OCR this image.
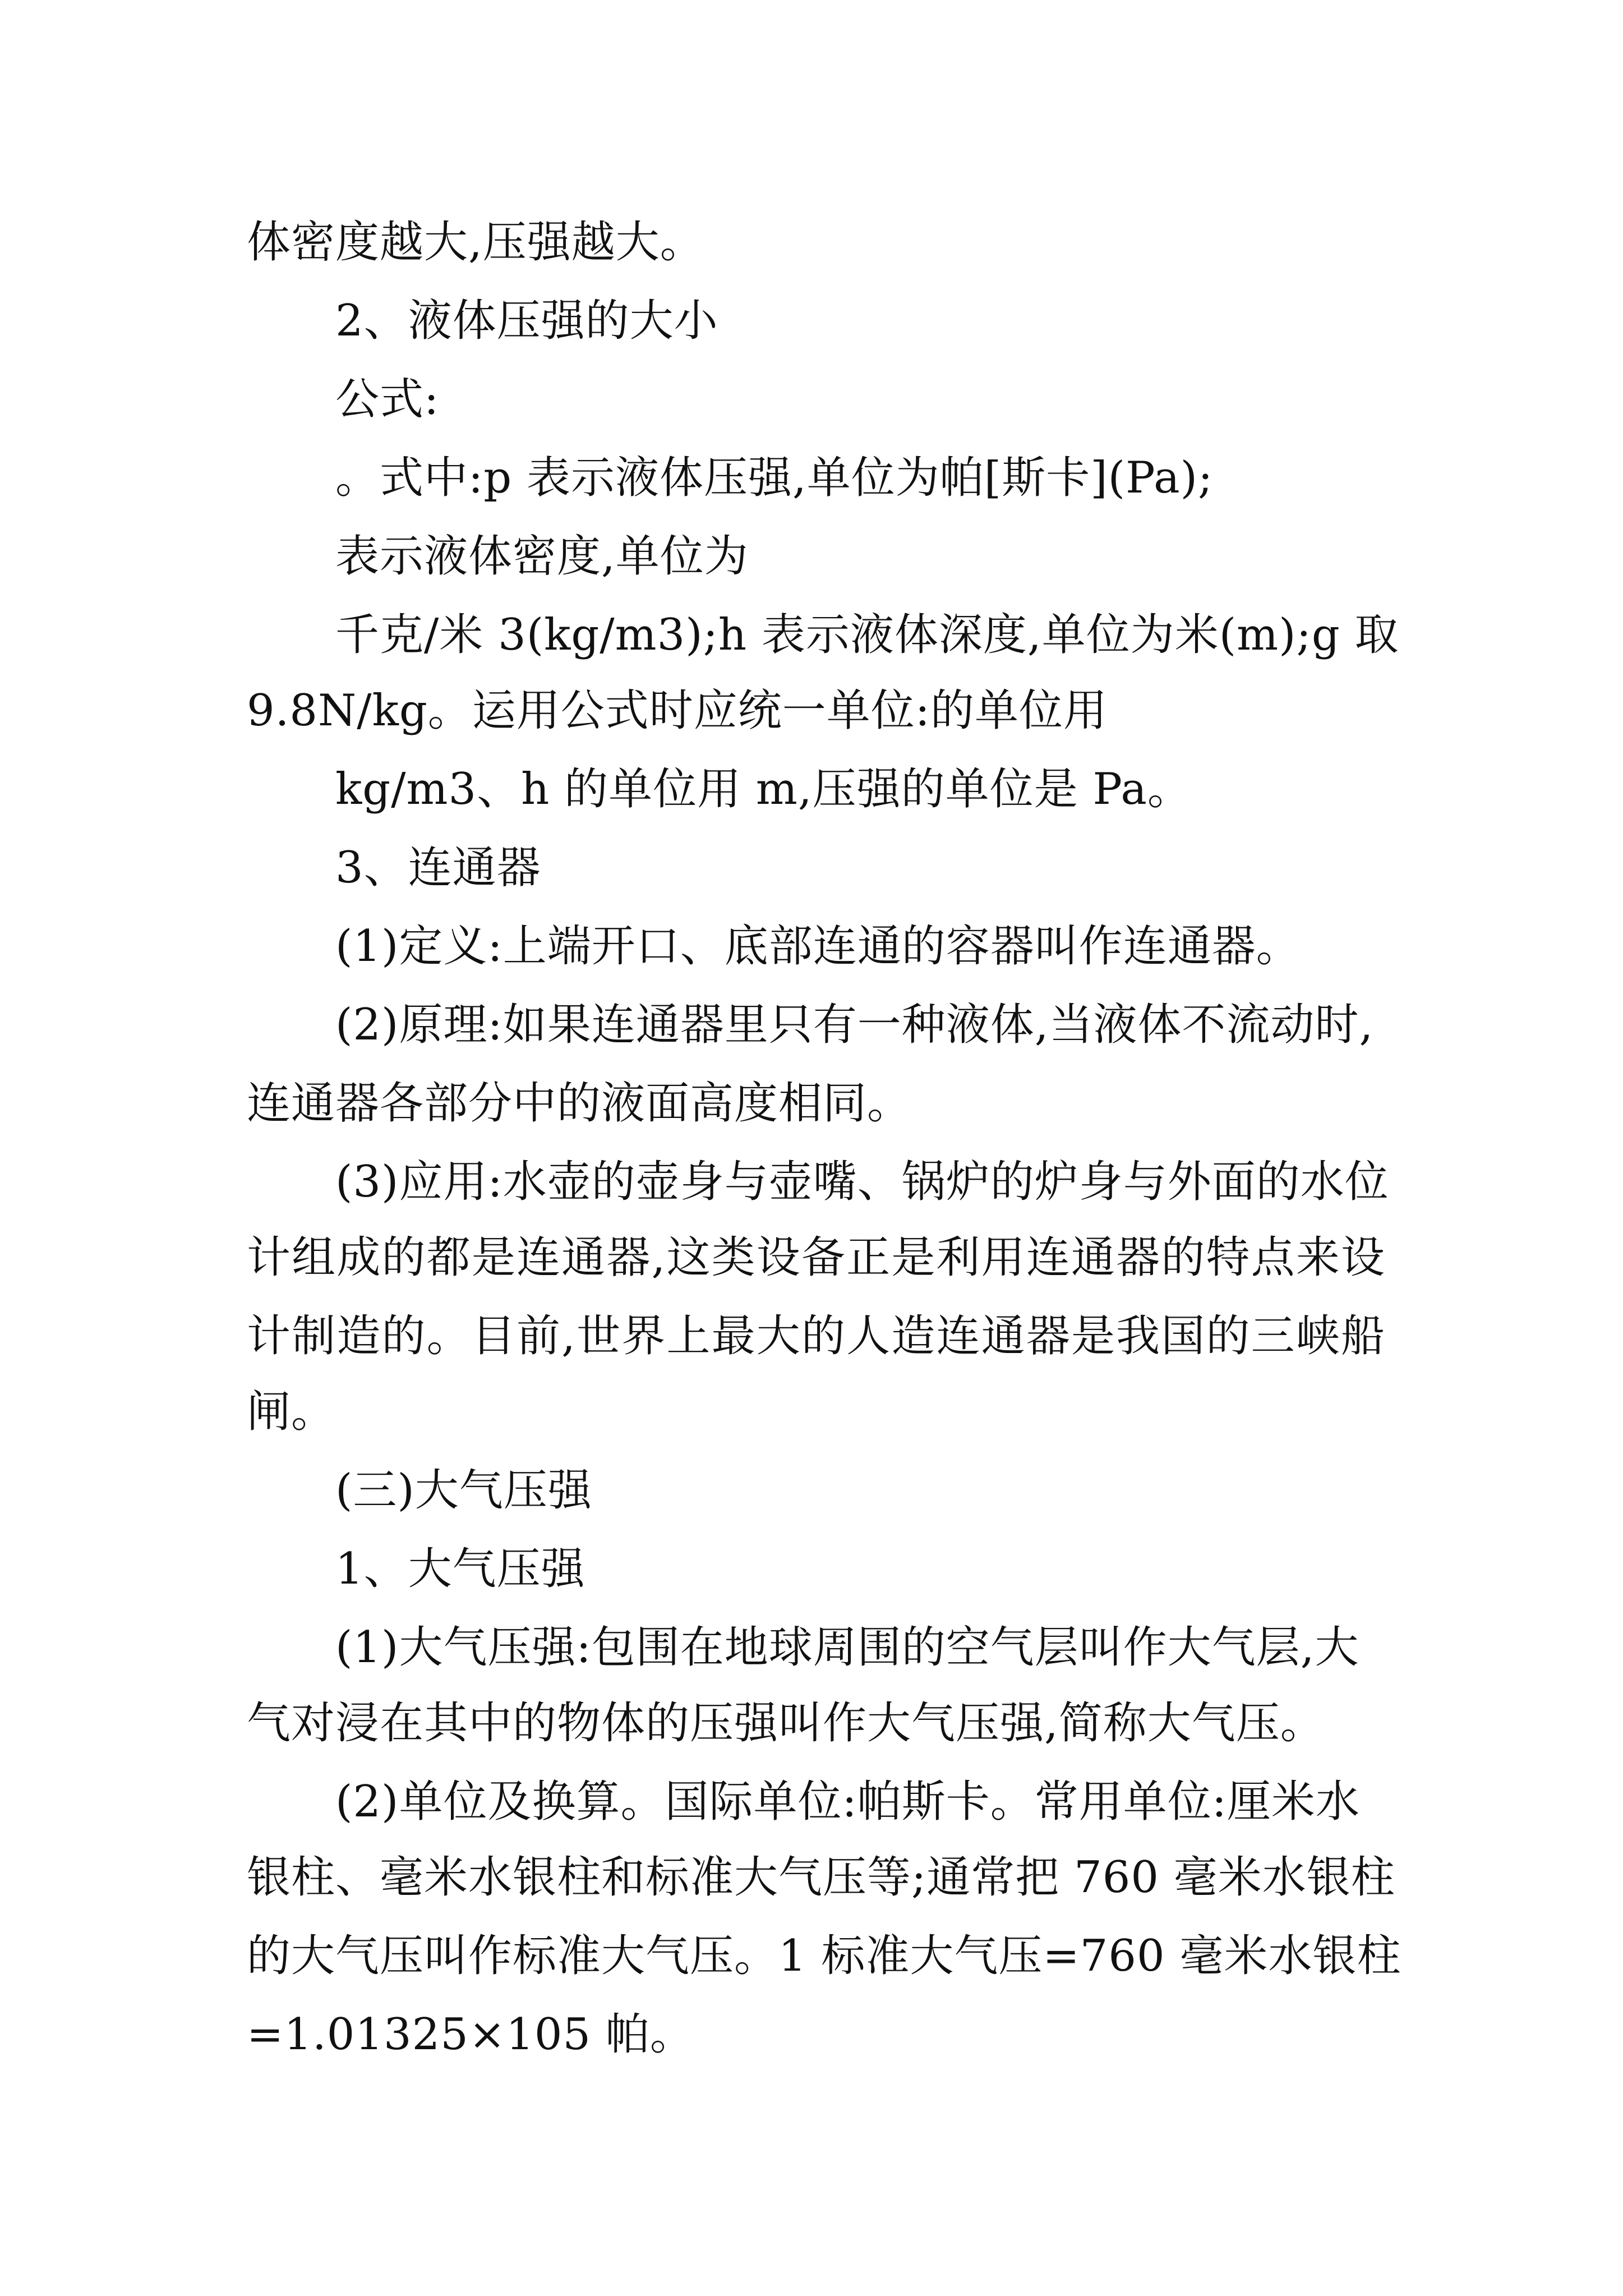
体密度越大,压强越大。
2、液体压强的大小
公式:
。式中:p 表示液体压强,单位为帕[斯卡](Pa);
表示液体密度,单位为
千克/米 3(kg/m3);h 表示液体深度,单位为米(m);g 取
9.8N/kg。运用公式时应统一单位:的单位用
kg/m3、h 的单位用 m,压强的单位是 Pa。
3、连通器
(1)定义:上端开口、底部连通的容器叫作连通器。
(2)原理:如果连通器里只有一种液体,当液体不流动时,
连通器各部分中的液面高度相同。
(3)应用:水壶的壶身与壶嘴、锅炉的炉身与外面的水位
计组成的都是连通器,这类设备正是利用连通器的特点来设
计制造的。目前,世界上最大的人造连通器是我国的三峡船
闸。
(三)大气压强
1、大气压强
(1)大气压强:包围在地球周围的空气层叫作大气层,大
气对浸在其中的物体的压强叫作大气压强,简称大气压。
(2)单位及换算。国际单位:帕斯卡。常用单位:厘米水
银柱、毫米水银柱和标准大气压等;通常把 760 毫米水银柱
的大气压叫作标准大气压。1 标准大气压=760 毫米水银柱
=1.01325×105 帕。
